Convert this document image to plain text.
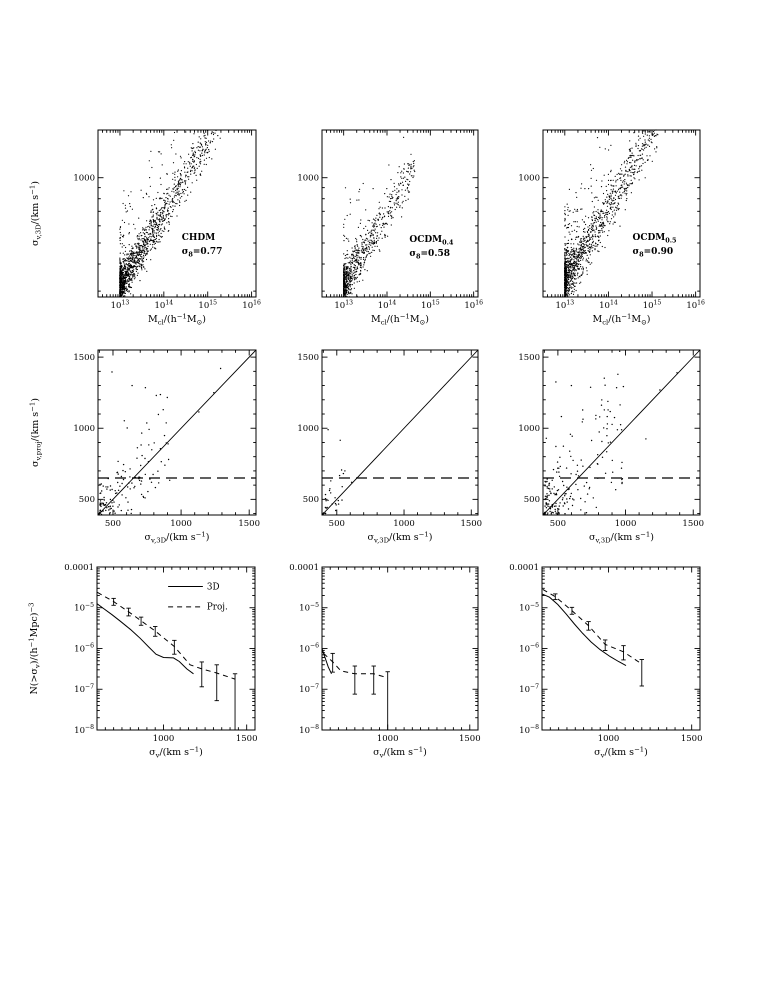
$10^{13}$	$10^{14}$	$10^{15}$	$10^{16}$
1000
CHDM
$\sigma_8=0.77$
$M_{cl}/(h^{-1}M_⊙)$
$\sigma_{v,3D}/(km$ $s^{-1}$)
$10^{13}$	$10^{14}$	$10^{15}$	$10^{16}$
1000
$OCDM_{0.4}$
$\sigma_8=0.58$
$M_{cl}/(h^{-1}M_⊙)$
$10^{13}$	$10^{14}$	$10^{15}$	$10^{16}$
1000
$OCDM_{0.5}$
$\sigma_8=0.90$
$M_{cl}/(h^{-1}M_⊙)$
500	1000	1500
500
1000
1500
$\sigma_{v,3D}/(km$ $s^{-1}$)
$\sigma_{v,proj}/(km$ $s^{-1}$)
500	1000	1500
500
1000
1500
$\sigma_{v,3D}/(km$ $s^{-1}$)
500	1000	1500
500
1000
1500
$\sigma_{v,3D}/(km$ $s^{-1}$)
1000	1500
0.0001
$10^{-5}$
$10^{-6}$
$10^{-7}$
$10^{-8}$
3D
Proj.
$\sigma_v/(km$ $s^{-1}$)
$N(>\sigma_v)/(h^{-1}Mpc)^{-3}$
1000	1500
0.0001
$10^{-5}$
$10^{-6}$
$10^{-7}$
$10^{-8}$
$\sigma_v/(km$ $s^{-1}$)
1000	1500
0.0001
$10^{-5}$
$10^{-6}$
$10^{-7}$
$10^{-8}$
$\sigma_v/(km$ $s^{-1}$)
